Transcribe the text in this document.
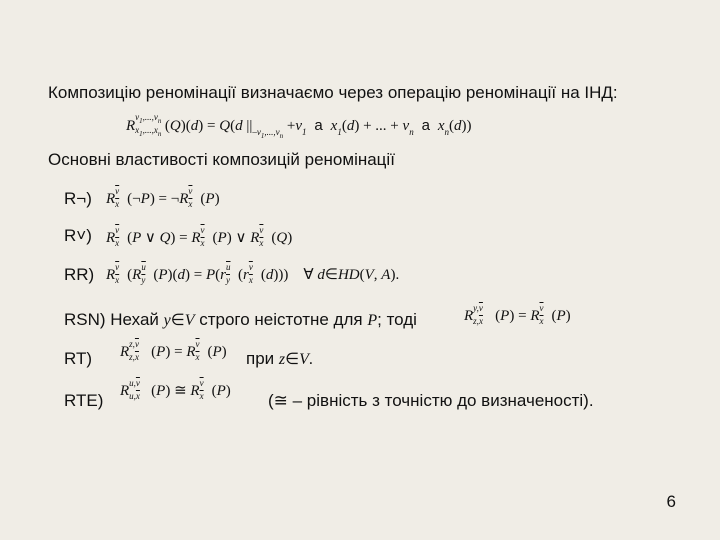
Композицію реномінації визначаємо через операцію реномінації на ІНД:
R
$v_1,...,v_n$
$x_1,...,x_n$ (Q)(d) = Q(d $||_{-v_1,...,v_n} +v_1$  a  $x_1(d)$ + ... + $v_n$  a  $x_n(d)$)
Основні властивості композицій реномінації
R¬) R $\frac{\overline{v}}{x}$ (¬P) = ¬R $\frac{\overline{v}}{x} (P)$
R˅) R $\frac{\overline{v}}{x} (P$ ∨ Q) = R $\frac{\overline{v}}{x} (P)$ ∨ R $\frac{\overline{v}}{x} (Q)$
RR) R $\frac{\overline{v}}{x} (R \frac{\overline{u}}{y} (P)(d) = P(r \frac{\overline{u}}{y} (r \frac{\overline{v}}{x} (d)))$    ∀ d∈HD(V, A).
RSN) Нехай y∈V строго неістотне для P; тоді	R $y,\overline{v}$
$z,\overline{x}$ (P) = R $\frac{\overline{v}}{x} (P)$
RT) R $z,\overline{v}$
$z,\overline{x}$ (P) = R $\frac{\overline{v}}{x} (P)$ при z∈V.
RTE) R $u,\overline{v}$
$u,\overline{x}$ (P) ≅ R $\frac{\overline{v}}{x} (P)$ (≅ – рівність з точністю до визначеності).
6
